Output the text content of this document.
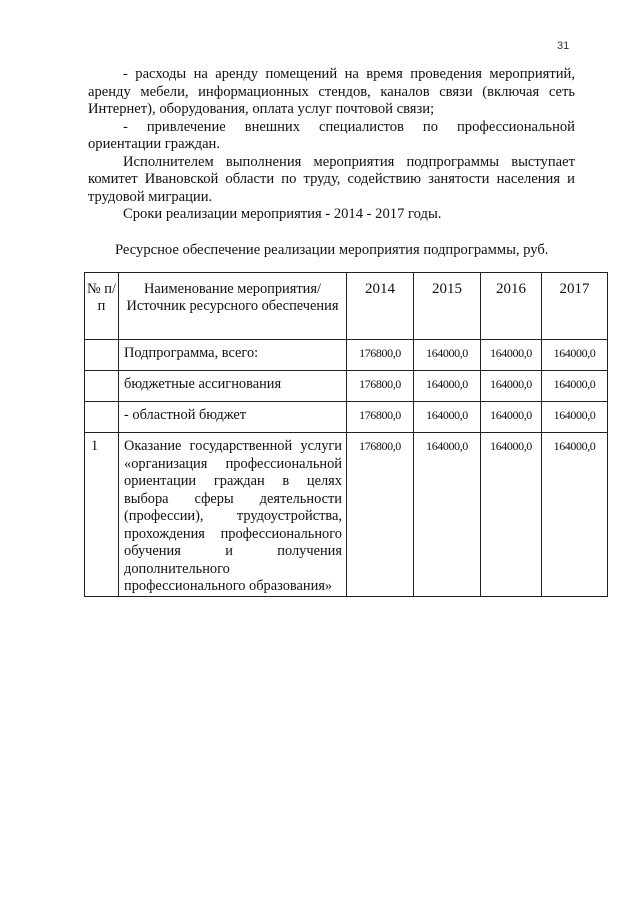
31

- расходы на аренду помещений на время проведения мероприятий, аренду мебели, информационных стендов, каналов связи (включая сеть Интернет), оборудования, оплата услуг почтовой связи;

- привлечение внешних специалистов по профессиональной ориентации граждан.

Исполнителем выполнения мероприятия подпрограммы выступает комитет Ивановской области по труду, содействию занятости населения и трудовой миграции.

Сроки реализации мероприятия - 2014 - 2017 годы.

Ресурсное обеспечение реализации мероприятия подпрограммы, руб.
№ п/п	Наименование мероприятия/Источник ресурсного обеспечения	2014	2015	2016	2017
	Подпрограмма, всего:	176800,0	164000,0	164000,0	164000,0
	бюджетные ассигнования	176800,0	164000,0	164000,0	164000,0
	- областной бюджет	176800,0	164000,0	164000,0	164000,0
1	Оказание государственной услуги «организация профессиональной ориентации граждан в целях выбора сферы деятельности (профессии), трудоустройства, прохождения профессионального обучения и получения дополнительного профессионального образования»	176800,0	164000,0	164000,0	164000,0
